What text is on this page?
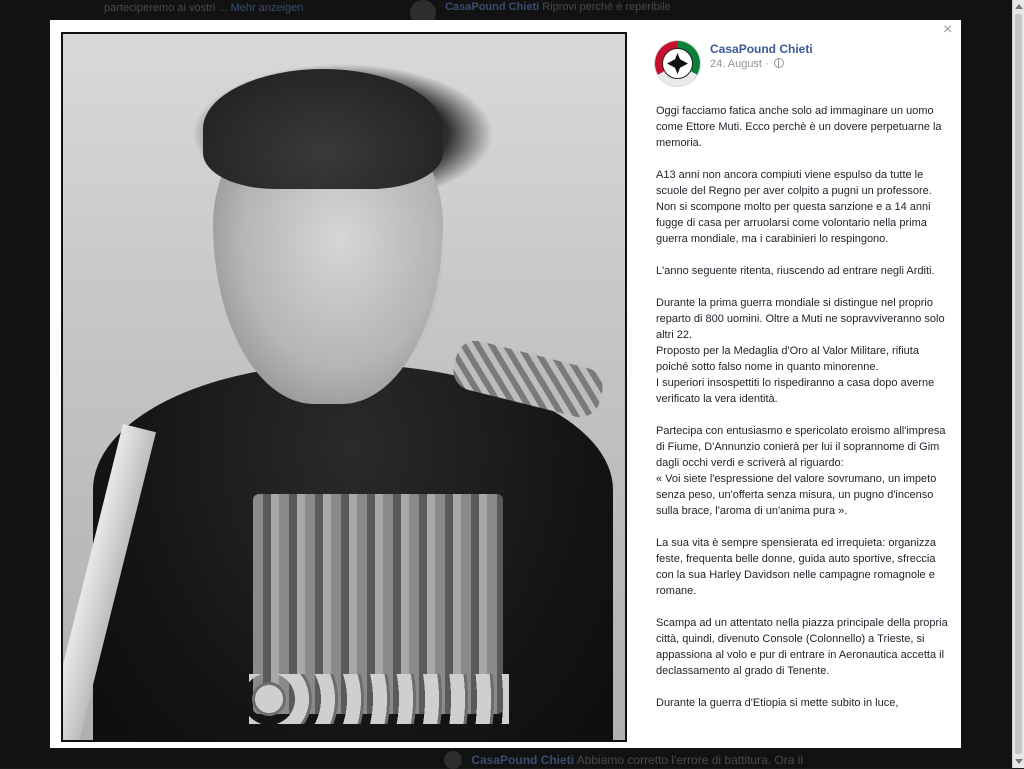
parteciperemo ai vostri ... Mehr anzeigen	CasaPound Chieti Riprovi perché è reperibile
CasaPound Chieti Abbiamo corretto l'errore di battitura. Ora il
×
CasaPound Chieti
24. August ·

Oggi facciamo fatica anche solo ad immaginare un uomo come Ettore Muti. Ecco perchè è un dovere perpetuarne la memoria.

A13 anni non ancora compiuti viene espulso da tutte le scuole del Regno per aver colpito a pugni un professore. Non si scompone molto per questa sanzione e a 14 anni fugge di casa per arruolarsi come volontario nella prima guerra mondiale, ma i carabinieri lo respingono.

L'anno seguente ritenta, riuscendo ad entrare negli Arditi.

Durante la prima guerra mondiale si distingue nel proprio reparto di 800 uomini. Oltre a Muti ne sopravviveranno solo altri 22.

Proposto per la Medaglia d'Oro al Valor Militare, rifiuta poiché sotto falso nome in quanto minorenne.

I superiori insospettiti lo rispediranno a casa dopo averne verificato la vera identità.

Partecipa con entusiasmo e spericolato eroismo all'impresa di Fiume, D'Annunzio conierà per lui il soprannome di Gim dagli occhi verdi e scriverà al riguardo:

« Voi siete l'espressione del valore sovrumano, un impeto senza peso, un'offerta senza misura, un pugno d'incenso sulla brace, l'aroma di un'anima pura ».

La sua vita è sempre spensierata ed irrequieta: organizza feste, frequenta belle donne, guida auto sportive, sfreccia con la sua Harley Davidson nelle campagne romagnole e romane.

Scampa ad un attentato nella piazza principale della propria città, quindi, divenuto Console (Colonnello) a Trieste, si appassiona al volo e pur di entrare in Aeronautica accetta il declassamento al grado di Tenente.

Durante la guerra d'Etiopia si mette subito in luce,
